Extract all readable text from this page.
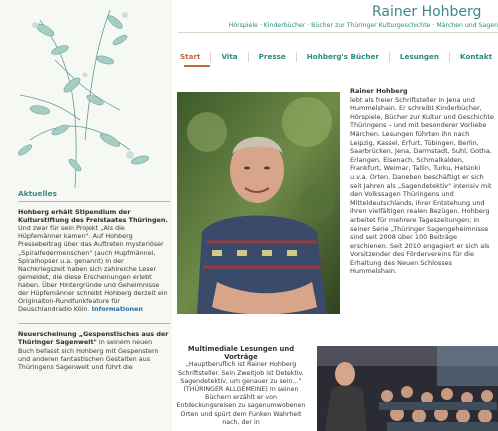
Aktuelles

Hohberg erhält Stipendium der Kulturstiftung des Freistaates Thüringen. Und zwar für sein Projekt „Als die Hüpfemänner kamen". Auf Hohberg Pressebeitrag über das Auftreten mysteriöser „Spiralfedermenschen" (auch Hupfmännel, Spiralhopser u.a. genannt) in der Nachkriegszeit haben sich zahlreiche Leser gemeldet, die diese Erscheinungen erlebt haben. Über Hintergründe und Geheimnisse der Hüpfemänner schreibt Hohberg derzeit ein Originalton-Rundfunkfeature für Deuschlandradio Köln. Informationen

Neuerscheinung „Gespenstisches aus der Thüringer Sagenwelt" In seinem neuen Buch befasst sich Hohberg mit Gespenstern und anderen fantastischen Gestalten aus Thüringens Sagenwelt und führt die

Rainer Hohberg
Hörspiele · Kinderbücher · Bücher zur Thüringer Kulturgeschichte · Märchen und Sagen
Start	Vita	Presse	Hohberg's Bücher	Lesungen	Kontakt
Rainer Hohberg
lebt als freier Schriftsteller in Jena und Hummelshain. Er schreibt Kinderbücher, Hörspiele, Bücher zur Kultur und Geschichte Thüringens – und mit besonderer Vorliebe Märchen. Lesungen führten ihn nach Leipzig, Kassel, Erfurt, Tübingen, Berlin, Saarbrücken, Jena, Darmstadt, Suhl, Gotha, Erlangen, Eisenach, Schmalkalden, Frankfurt, Weimar, Tallin, Turku, Helsinki u.v.a. Orten. Daneben beschäftigt er sich seit Jahren als „Sagendetektiv" intensiv mit den Volkssagen Thüringens und Mitteldeutschlands, ihrer Entstehung und ihren vielfältigen realen Bezügen. Hohberg arbeitet für mehrere Tageszeitungen; in seiner Serie „Thüringer Sagengeheimnisse sind seit 2008 über 100 Beiträge erschienen. Seit 2010 engagiert er sich als Vorsitzender des Fördervereins für die Erhaltung des Neuen Schlosses Hummelshain.
Multimediale Lesungen und Vorträge
„Hauptberuflich ist Rainer Hohberg Schriftsteller. Sein Zweitjob ist Detektiv. Sagendetektiv, um genauer zu sein…" (THÜRINGER ALLGEMEINE) In seinen Büchern erzählt er von Entdeckungsreisen zu sagenumwobenen Orten und spürt dem Funken Wahrheit nach, der in
